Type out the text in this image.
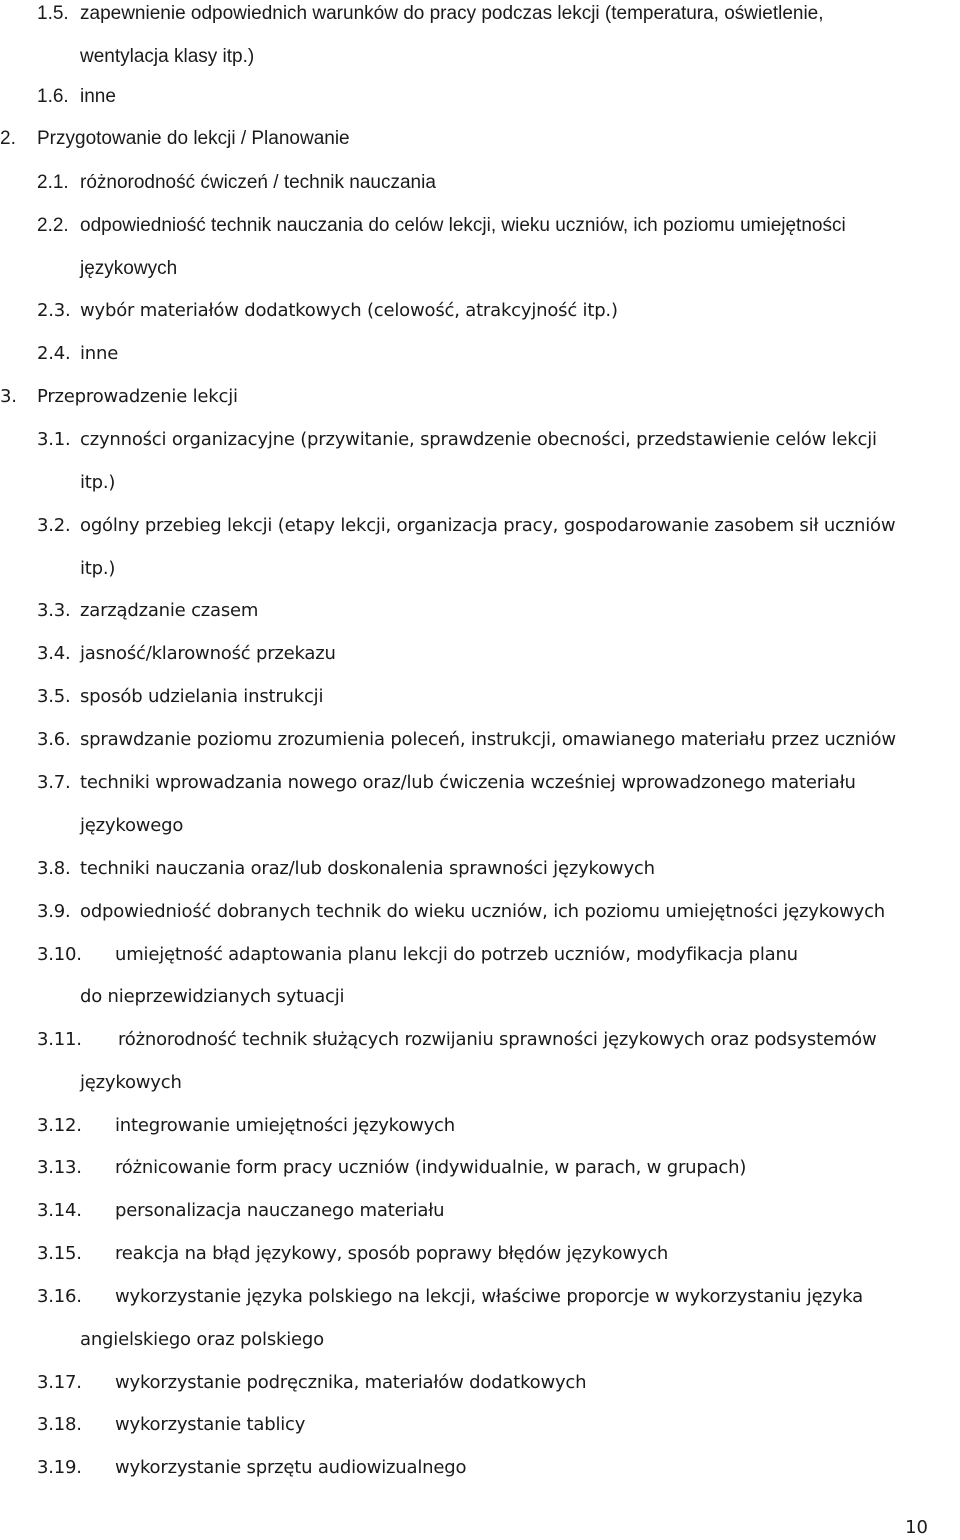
1.5. zapewnienie odpowiednich warunków do pracy podczas lekcji (temperatura, oświetlenie,
wentylacja klasy itp.)
1.6. inne
2. Przygotowanie do lekcji / Planowanie
2.1. różnorodność ćwiczeń / technik nauczania
2.2. odpowiedniość technik nauczania do celów lekcji, wieku uczniów, ich poziomu umiejętności
językowych
2.3. wybór materiałów dodatkowych (celowość, atrakcyjność itp.)
2.4. inne
3. Przeprowadzenie lekcji
3.1. czynności organizacyjne (przywitanie, sprawdzenie obecności, przedstawienie celów lekcji
itp.)
3.2. ogólny przebieg lekcji (etapy lekcji, organizacja pracy, gospodarowanie zasobem sił uczniów
itp.)
3.3. zarządzanie czasem
3.4. jasność/klarowność przekazu
3.5. sposób udzielania instrukcji
3.6. sprawdzanie poziomu zrozumienia poleceń, instrukcji, omawianego materiału przez uczniów
3.7. techniki wprowadzania nowego oraz/lub ćwiczenia wcześniej wprowadzonego materiału
językowego
3.8. techniki nauczania oraz/lub doskonalenia sprawności językowych
3.9. odpowiedniość dobranych technik do wieku uczniów, ich poziomu umiejętności językowych
3.10. umiejętność adaptowania planu lekcji do potrzeb uczniów, modyfikacja planu
do nieprzewidzianych sytuacji
3.11. różnorodność technik służących rozwijaniu sprawności językowych oraz podsystemów
językowych
3.12. integrowanie umiejętności językowych
3.13. różnicowanie form pracy uczniów (indywidualnie, w parach, w grupach)
3.14. personalizacja nauczanego materiału
3.15. reakcja na błąd językowy, sposób poprawy błędów językowych
3.16. wykorzystanie języka polskiego na lekcji, właściwe proporcje w wykorzystaniu języka
angielskiego oraz polskiego
3.17. wykorzystanie podręcznika, materiałów dodatkowych
3.18. wykorzystanie tablicy
3.19. wykorzystanie sprzętu audiowizualnego
10
